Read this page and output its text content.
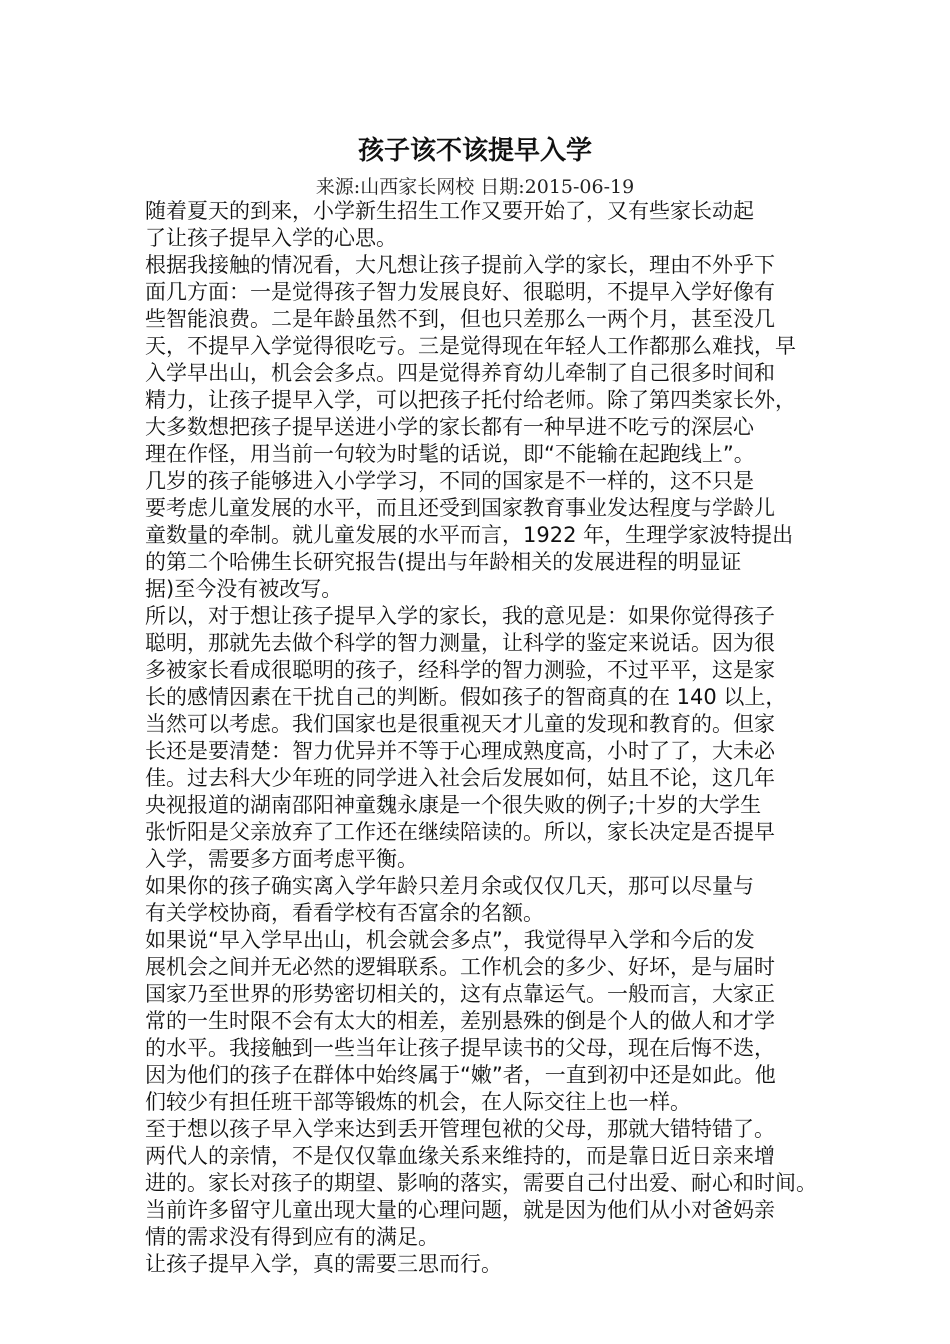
孩子该不该提早入学
来源:山西家长网校 日期:2015-06-19
随着夏天的到来，小学新生招生工作又要开始了，又有些家长动起
了让孩子提早入学的心思。
根据我接触的情况看，大凡想让孩子提前入学的家长，理由不外乎下
面几方面：一是觉得孩子智力发展良好、很聪明，不提早入学好像有
些智能浪费。二是年龄虽然不到，但也只差那么一两个月，甚至没几
天，不提早入学觉得很吃亏。三是觉得现在年轻人工作都那么难找，早
入学早出山，机会会多点。四是觉得养育幼儿牵制了自己很多时间和
精力，让孩子提早入学，可以把孩子托付给老师。除了第四类家长外，
大多数想把孩子提早送进小学的家长都有一种早进不吃亏的深层心
理在作怪，用当前一句较为时髦的话说，即“不能输在起跑线上”。
几岁的孩子能够进入小学学习，不同的国家是不一样的，这不只是
要考虑儿童发展的水平，而且还受到国家教育事业发达程度与学龄儿
童数量的牵制。就儿童发展的水平而言，1922 年，生理学家波特提出
的第二个哈佛生长研究报告(提出与年龄相关的发展进程的明显证
据)至今没有被改写。
所以，对于想让孩子提早入学的家长，我的意见是：如果你觉得孩子
聪明，那就先去做个科学的智力测量，让科学的鉴定来说话。因为很
多被家长看成很聪明的孩子，经科学的智力测验，不过平平，这是家
长的感情因素在干扰自己的判断。假如孩子的智商真的在 140 以上，
当然可以考虑。我们国家也是很重视天才儿童的发现和教育的。但家
长还是要清楚：智力优异并不等于心理成熟度高，小时了了，大未必
佳。过去科大少年班的同学进入社会后发展如何，姑且不论，这几年
央视报道的湖南邵阳神童魏永康是一个很失败的例子;十岁的大学生
张忻阳是父亲放弃了工作还在继续陪读的。所以，家长决定是否提早
入学，需要多方面考虑平衡。
如果你的孩子确实离入学年龄只差月余或仅仅几天，那可以尽量与
有关学校协商，看看学校有否富余的名额。
如果说“早入学早出山，机会就会多点”，我觉得早入学和今后的发
展机会之间并无必然的逻辑联系。工作机会的多少、好坏，是与届时
国家乃至世界的形势密切相关的，这有点靠运气。一般而言，大家正
常的一生时限不会有太大的相差，差别悬殊的倒是个人的做人和才学
的水平。我接触到一些当年让孩子提早读书的父母，现在后悔不迭，
因为他们的孩子在群体中始终属于“嫩”者，一直到初中还是如此。他
们较少有担任班干部等锻炼的机会，在人际交往上也一样。
至于想以孩子早入学来达到丢开管理包袱的父母，那就大错特错了。
两代人的亲情，不是仅仅靠血缘关系来维持的，而是靠日近日亲来增
进的。家长对孩子的期望、影响的落实，需要自己付出爱、耐心和时间。
当前许多留守儿童出现大量的心理问题，就是因为他们从小对爸妈亲
情的需求没有得到应有的满足。
让孩子提早入学，真的需要三思而行。
